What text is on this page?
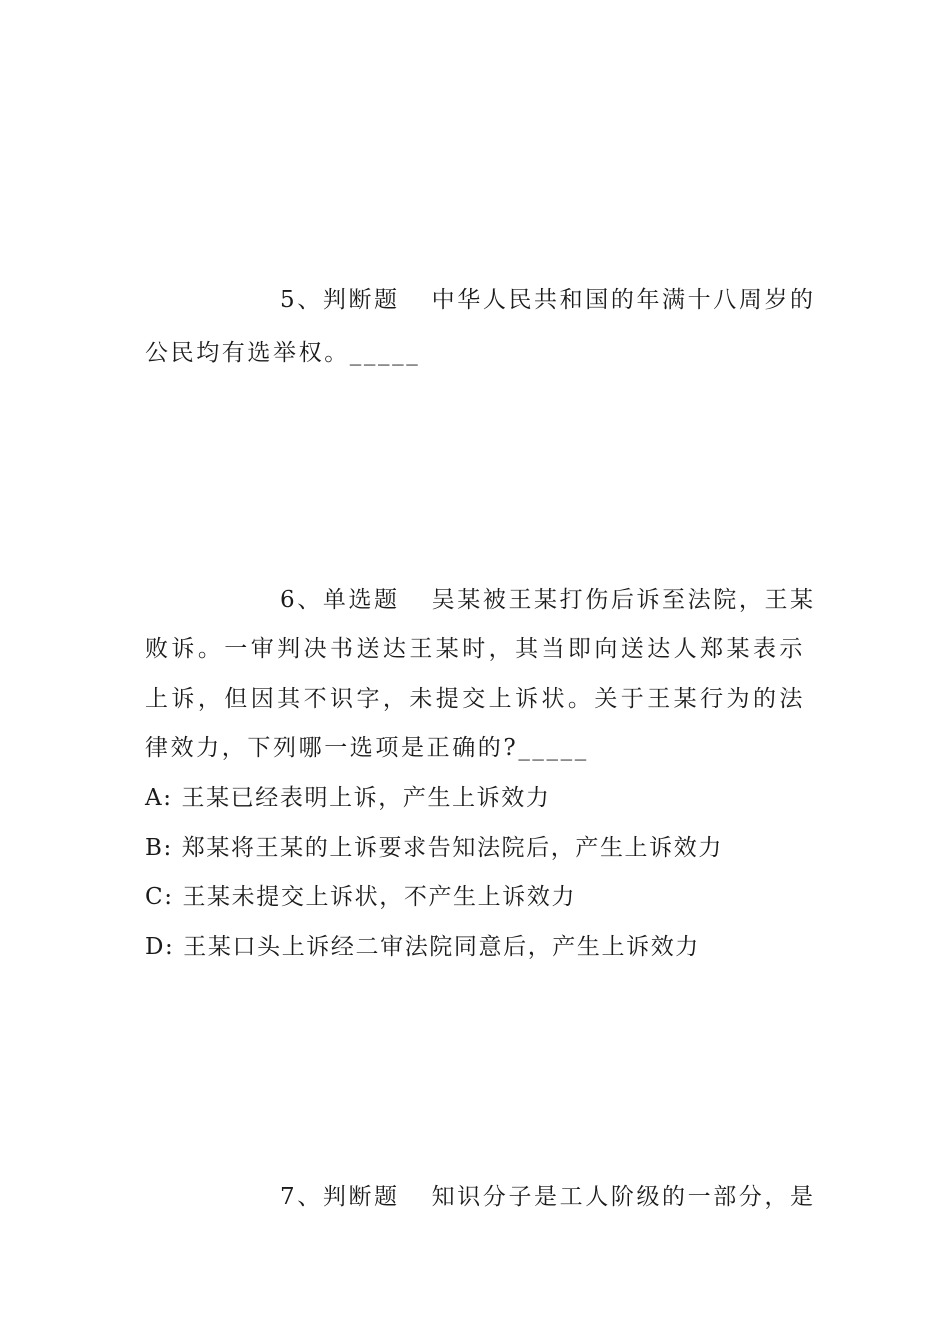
5、判断题 中华人民共和国的年满十八周岁的
公民均有选举权。_____
6、单选题 吴某被王某打伤后诉至法院，王某
败诉。一审判决书送达王某时，其当即向送达人郑某表示
上诉，但因其不识字，未提交上诉状。关于王某行为的法
律效力，下列哪一选项是正确的?_____
A: 王某已经表明上诉，产生上诉效力
B: 郑某将王某的上诉要求告知法院后，产生上诉效力
C: 王某未提交上诉状，不产生上诉效力
D: 王某口头上诉经二审法院同意后，产生上诉效力
7、判断题 知识分子是工人阶级的一部分，是
